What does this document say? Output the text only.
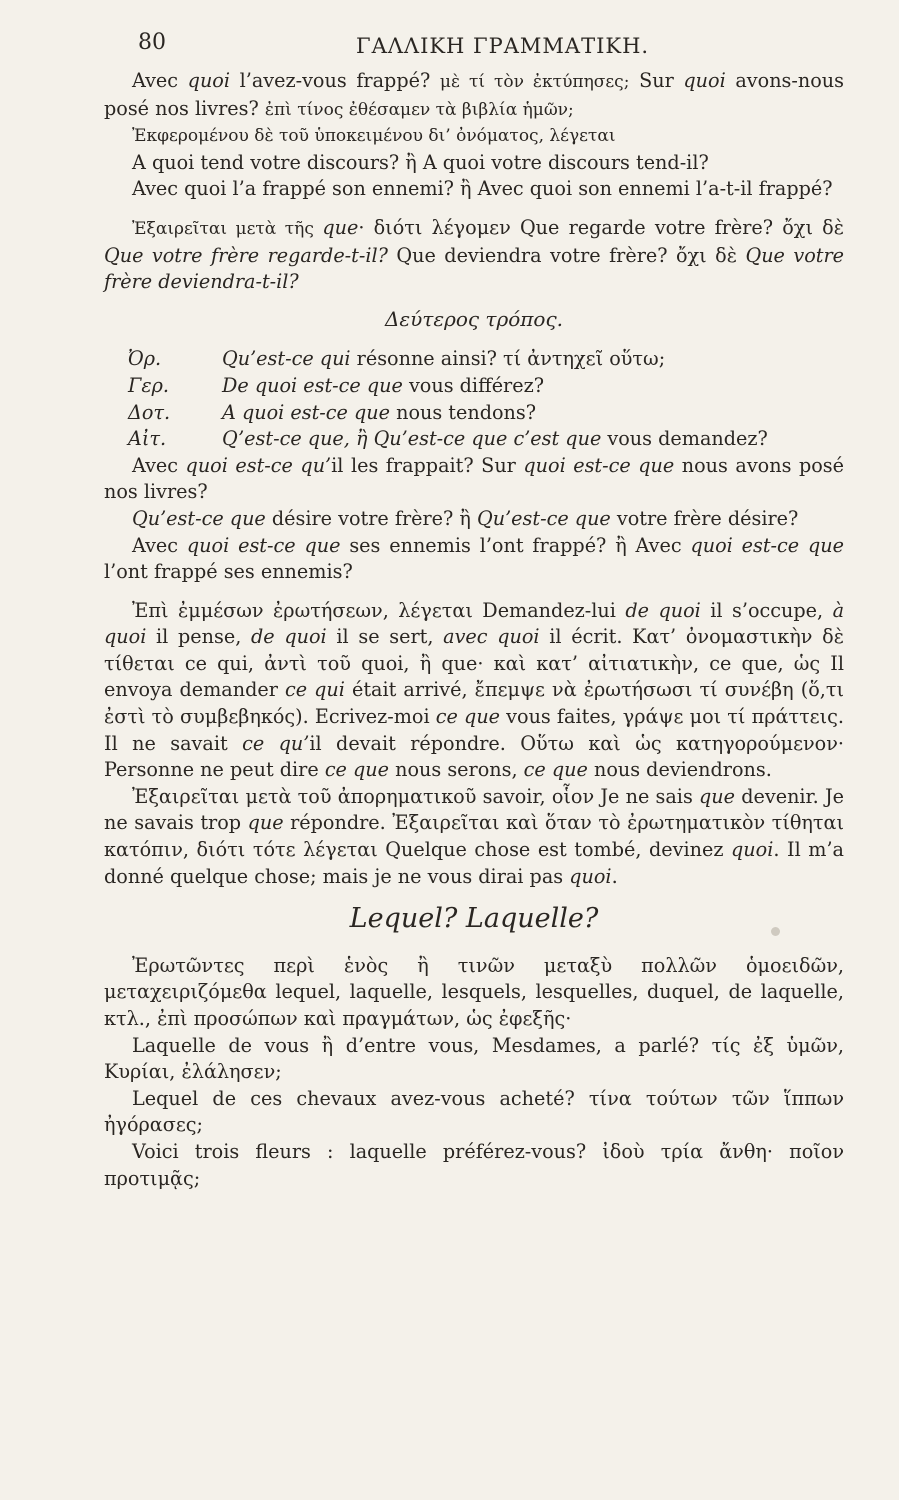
80	ΓΑΛΛΙΚΗ ΓΡΑΜΜΑΤΙΚΗ.

Avec quoi l’avez-vous frappé? μὲ τί τὸν ἐκτύπησες; Sur quoi avons-nous posé nos livres? ἐπὶ τίνος ἐθέσαμεν τὰ βιβλία ἡμῶν;

Ἐκφερομένου δὲ τοῦ ὑποκειμένου δι’ ὀνόματος, λέγεται

A quoi tend votre discours? ἢ A quoi votre discours tend-il?

Avec quoi l’a frappé son ennemi? ἢ Avec quoi son ennemi l’a-t-il frappé?

Ἐξαιρεῖται μετὰ τῆς que· διότι λέγομεν Que regarde votre frère? ὄχι δὲ Que votre frère regarde-t-il? Que deviendra votre frère? ὄχι δὲ Que votre frère deviendra-t-il?

Δεύτερος τρόπος.

Ὀρ.	Qu’est-ce qui résonne ainsi? τί ἀντηχεῖ οὕτω;
Γερ.	De quoi est-ce que vous différez?
Δοτ.	A quoi est-ce que nous tendons?
Αἰτ.	Q’est-ce que, ἢ Qu’est-ce que c’est que vous demandez?

Avec quoi est-ce qu’il les frappait? Sur quoi est-ce que nous avons posé nos livres?

Qu’est-ce que désire votre frère? ἢ Qu’est-ce que votre frère désire?

Avec quoi est-ce que ses ennemis l’ont frappé? ἢ Avec quoi est-ce que l’ont frappé ses ennemis?

Ἐπὶ ἐμμέσων ἐρωτήσεων, λέγεται Demandez-lui de quoi il s’occupe, à quoi il pense, de quoi il se sert, avec quoi il écrit. Κατ’ ὀνομαστικὴν δὲ τίθεται ce qui, ἀντὶ τοῦ quoi, ἢ que· καὶ κατ’ αἰτιατικὴν, ce que, ὡς Il envoya demander ce qui était arrivé, ἔπεμψε νὰ ἐρωτήσωσι τί συνέβη (ὅ,τι ἐστὶ τὸ συμβεβηκός). Ecrivez-moi ce que vous faites, γράψε μοι τί πράττεις. Il ne savait ce qu’il devait répondre. Οὕτω καὶ ὡς κατηγορούμενον· Personne ne peut dire ce que nous serons, ce que nous deviendrons.

Ἐξαιρεῖται μετὰ τοῦ ἀπορηματικοῦ savoir, οἷον Je ne sais que devenir. Je ne savais trop que répondre. Ἐξαιρεῖται καὶ ὅταν τὸ ἐρωτηματικὸν τίθηται κατόπιν, διότι τότε λέγεται Quelque chose est tombé, devinez quoi. Il m’a donné quelque chose; mais je ne vous dirai pas quoi.

Lequel? Laquelle?

Ἐρωτῶντες περὶ ἑνὸς ἢ τινῶν μεταξὺ πολλῶν ὁμοειδῶν, μεταχειριζόμεθα lequel, laquelle, lesquels, lesquelles, duquel, de laquelle, κτλ., ἐπὶ προσώπων καὶ πραγμάτων, ὡς ἐφεξῆς·

Laquelle de vous ἢ d’entre vous, Mesdames, a parlé? τίς ἐξ ὑμῶν, Κυρίαι, ἐλάλησεν;

Lequel de ces chevaux avez-vous acheté? τίνα τούτων τῶν ἵππων ἠγόρασες;

Voici trois fleurs : laquelle préférez-vous? ἰδοὺ τρία ἄνθη· ποῖον προτιμᾷς;
